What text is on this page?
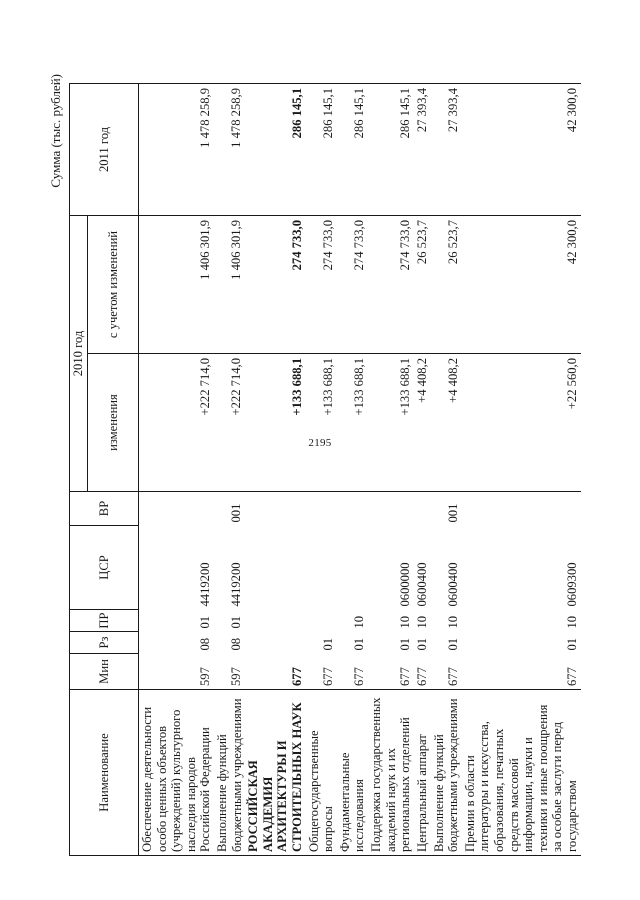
2195
Сумма (тыс. рублей)
Наименование	Мин	Рз	ПР	ЦСР	ВР	2010 год		2011 год
						изменения	с учетом изменений	
Обеспечение деятельности особо ценных объектов (учреждений) культурного наследия народов Российской Федерации	597	08	01	4419200		+222 714,0	1 406 301,9	1 478 258,9
Выполнение функций бюджетными учреждениями	597	08	01	4419200	001	+222 714,0	1 406 301,9	1 478 258,9
РОССИЙСКАЯ АКАДЕМИЯ АРХИТЕКТУРЫ И СТРОИТЕЛЬНЫХ НАУК	677					+133 688,1	274 733,0	286 145,1
Общегосударственные вопросы	677	01				+133 688,1	274 733,0	286 145,1
Фундаментальные исследования	677	01	10			+133 688,1	274 733,0	286 145,1
Поддержка государственных академий наук и их региональных отделений	677	01	10	0600000		+133 688,1	274 733,0	286 145,1
Центральный аппарат	677	01	10	0600400		+4 408,2	26 523,7	27 393,4
Выполнение функций бюджетными учреждениями	677	01	10	0600400	001	+4 408,2	26 523,7	27 393,4
Премии в области литературы и искусства, образования, печатных средств массовой информации, науки и техники и иные поощрения за особые заслуги перед государством	677	01	10	0609300		+22 560,0	42 300,0	42 300,0
